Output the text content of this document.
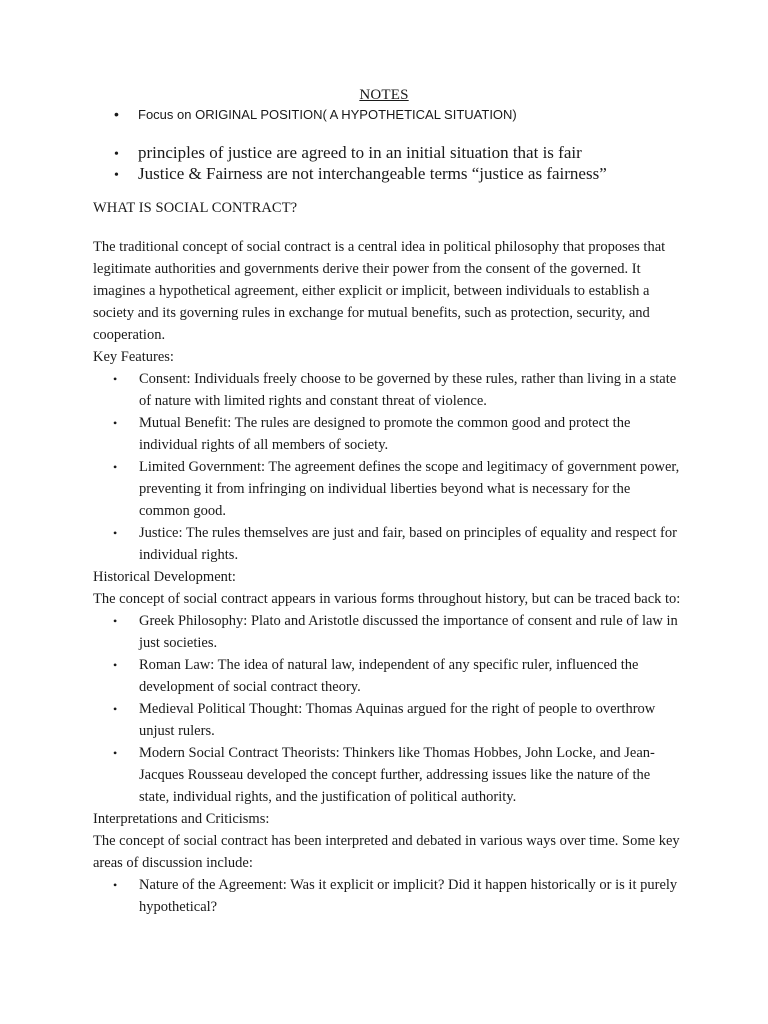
NOTES
• Focus on ORIGINAL POSITION( A HYPOTHETICAL SITUATION)
• principles of justice are agreed to in an initial situation that is fair
• Justice & Fairness are not interchangeable terms “justice as fairness”
WHAT IS SOCIAL CONTRACT?

The traditional concept of social contract is a central idea in political philosophy that proposes that legitimate authorities and governments derive their power from the consent of the governed. It imagines a hypothetical agreement, either explicit or implicit, between individuals to establish a society and its governing rules in exchange for mutual benefits, such as protection, security, and cooperation.

Key Features:

• Consent: Individuals freely choose to be governed by these rules, rather than living in a state of nature with limited rights and constant threat of violence.
• Mutual Benefit: The rules are designed to promote the common good and protect the individual rights of all members of society.
• Limited Government: The agreement defines the scope and legitimacy of government power, preventing it from infringing on individual liberties beyond what is necessary for the common good.
• Justice: The rules themselves are just and fair, based on principles of equality and respect for individual rights.

Historical Development:

The concept of social contract appears in various forms throughout history, but can be traced back to:

• Greek Philosophy: Plato and Aristotle discussed the importance of consent and rule of law in just societies.
• Roman Law: The idea of natural law, independent of any specific ruler, influenced the development of social contract theory.
• Medieval Political Thought: Thomas Aquinas argued for the right of people to overthrow unjust rulers.
• Modern Social Contract Theorists: Thinkers like Thomas Hobbes, John Locke, and Jean-Jacques Rousseau developed the concept further, addressing issues like the nature of the state, individual rights, and the justification of political authority.

Interpretations and Criticisms:

The concept of social contract has been interpreted and debated in various ways over time. Some key areas of discussion include:

• Nature of the Agreement: Was it explicit or implicit? Did it happen historically or is it purely hypothetical?
